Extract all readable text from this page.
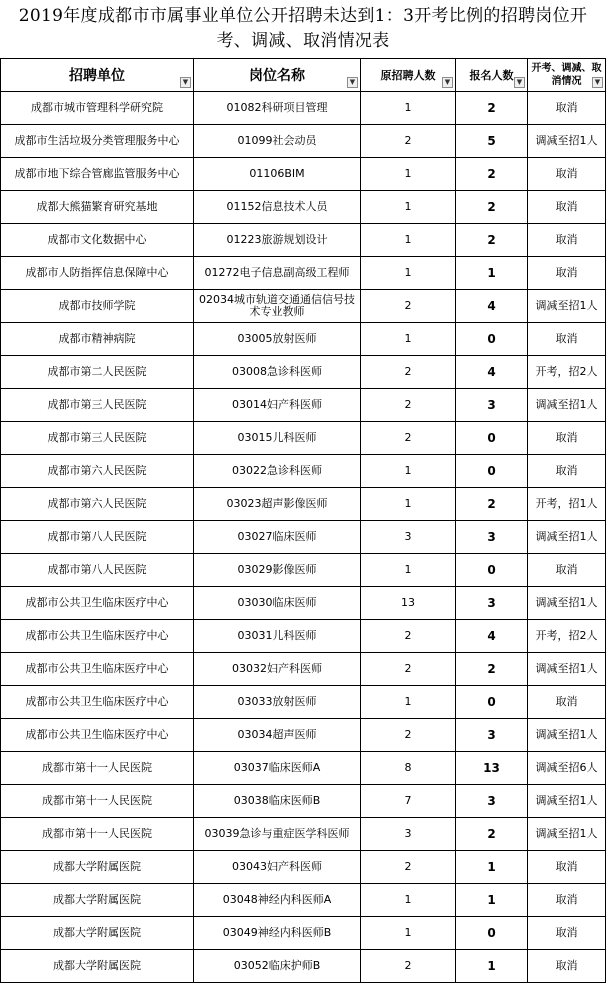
2019年度成都市市属事业单位公开招聘未达到1：3开考比例的招聘岗位开考、调减、取消情况表
招聘单位 ▼	岗位名称 ▼	原招聘人数 ▼	报名人数 ▼	开考、调减、取消情况 ▼

成都市城市管理科学研究院	01082科研项目管理	1	2	取消
成都市生活垃圾分类管理服务中心	01099社会动员	2	5	调减至招1人
成都市地下综合管廊监管服务中心	01106BIM	1	2	取消
成都大熊猫繁育研究基地	01152信息技术人员	1	2	取消
成都市文化数据中心	01223旅游规划设计	1	2	取消
成都市人防指挥信息保障中心	01272电子信息副高级工程师	1	1	取消
成都市技师学院	02034城市轨道交通通信信号技术专业教师	2	4	调减至招1人
成都市精神病院	03005放射医师	1	0	取消
成都市第二人民医院	03008急诊科医师	2	4	开考，招2人
成都市第三人民医院	03014妇产科医师	2	3	调减至招1人
成都市第三人民医院	03015儿科医师	2	0	取消
成都市第六人民医院	03022急诊科医师	1	0	取消
成都市第六人民医院	03023超声影像医师	1	2	开考，招1人
成都市第八人民医院	03027临床医师	3	3	调减至招1人
成都市第八人民医院	03029影像医师	1	0	取消
成都市公共卫生临床医疗中心	03030临床医师	13	3	调减至招1人
成都市公共卫生临床医疗中心	03031儿科医师	2	4	开考，招2人
成都市公共卫生临床医疗中心	03032妇产科医师	2	2	调减至招1人
成都市公共卫生临床医疗中心	03033放射医师	1	0	取消
成都市公共卫生临床医疗中心	03034超声医师	2	3	调减至招1人
成都市第十一人民医院	03037临床医师A	8	13	调减至招6人
成都市第十一人民医院	03038临床医师B	7	3	调减至招1人
成都市第十一人民医院	03039急诊与重症医学科医师	3	2	调减至招1人
成都大学附属医院	03043妇产科医师	2	1	取消
成都大学附属医院	03048神经内科医师A	1	1	取消
成都大学附属医院	03049神经内科医师B	1	0	取消
成都大学附属医院	03052临床护师B	2	1	取消
